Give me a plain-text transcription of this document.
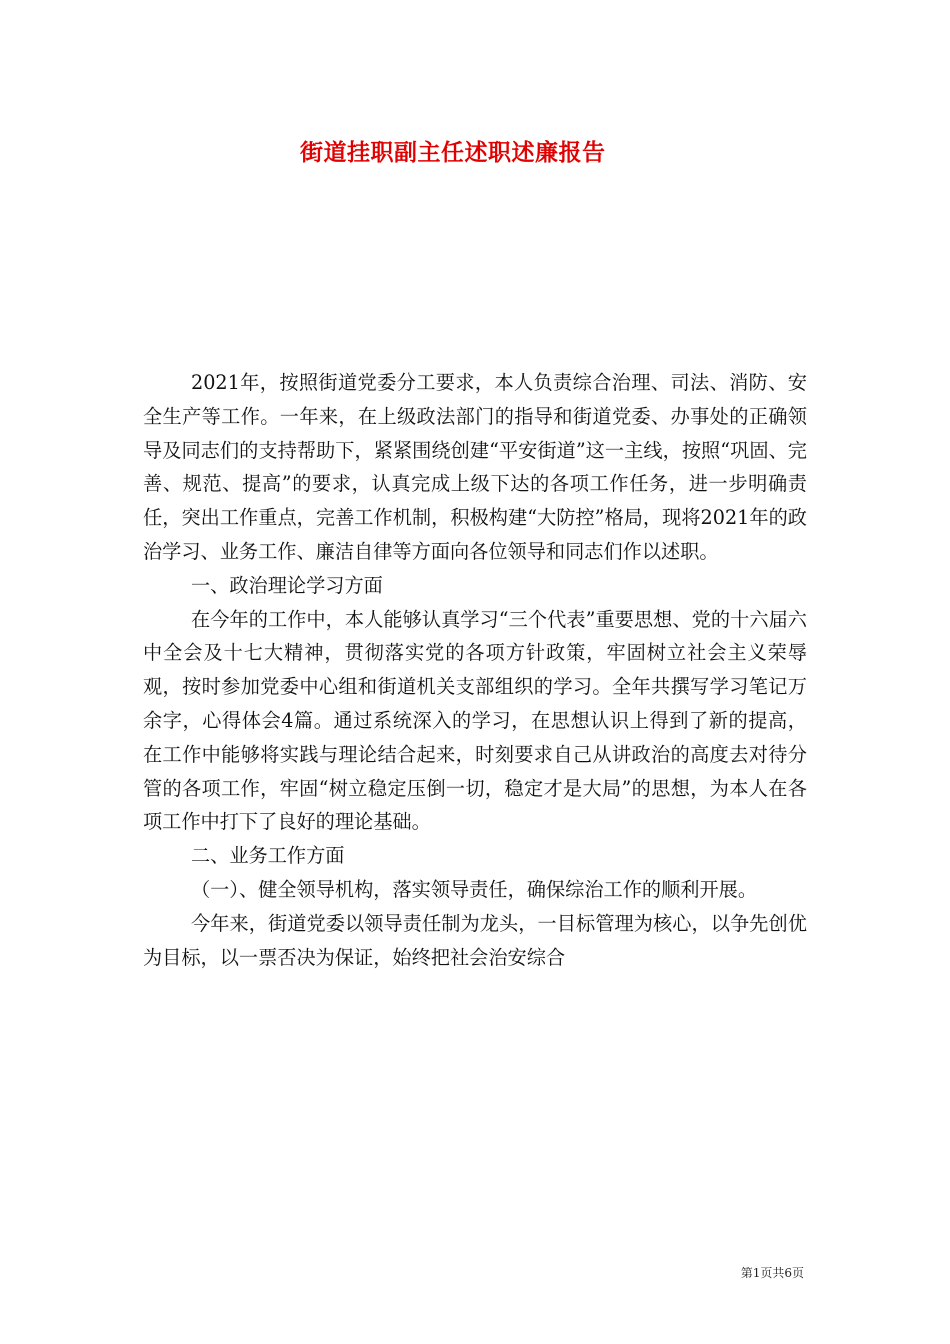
街道挂职副主任述职述廉报告

2021年，按照街道党委分工要求，本人负责综合治理、司法、消防、安全生产等工作。一年来，在上级政法部门的指导和街道党委、办事处的正确领导及同志们的支持帮助下，紧紧围绕创建“平安街道”这一主线，按照“巩固、完善、规范、提高”的要求，认真完成上级下达的各项工作任务，进一步明确责任，突出工作重点，完善工作机制，积极构建“大防控”格局，现将2021年的政治学习、业务工作、廉洁自律等方面向各位领导和同志们作以述职。

一、政治理论学习方面

在今年的工作中，本人能够认真学习“三个代表”重要思想、党的十六届六中全会及十七大精神，贯彻落实党的各项方针政策，牢固树立社会主义荣辱观，按时参加党委中心组和街道机关支部组织的学习。全年共撰写学习笔记万余字，心得体会4篇。通过系统深入的学习，在思想认识上得到了新的提高，在工作中能够将实践与理论结合起来，时刻要求自己从讲政治的高度去对待分管的各项工作，牢固“树立稳定压倒一切，稳定才是大局”的思想，为本人在各项工作中打下了良好的理论基础。

二、业务工作方面

（一）、健全领导机构，落实领导责任，确保综治工作的顺利开展。

今年来，街道党委以领导责任制为龙头，一目标管理为核心，以争先创优为目标，以一票否决为保证，始终把社会治安综合

第1页共6页
